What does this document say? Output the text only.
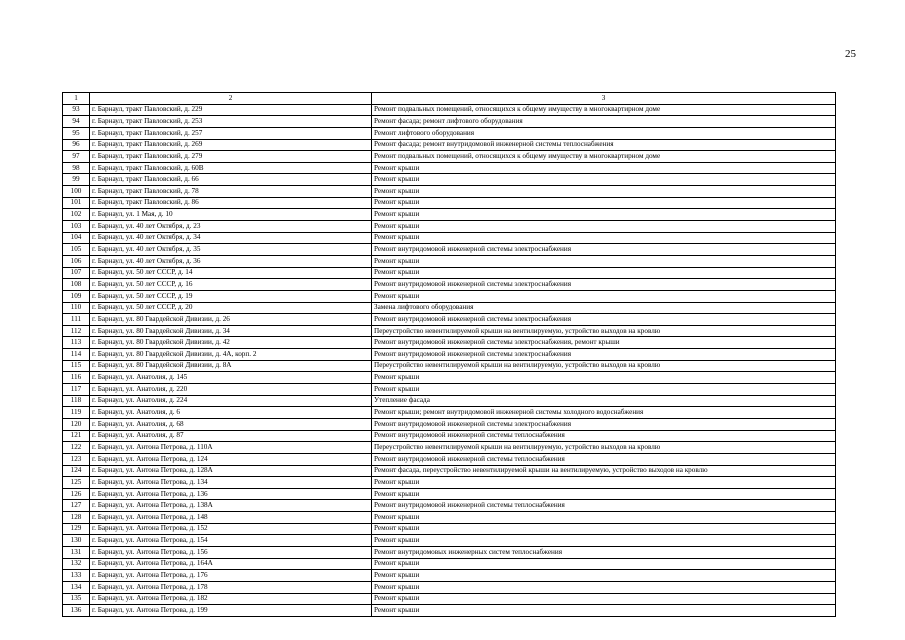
25
1	2	3
93	г. Барнаул, тракт Павловский, д. 229	Ремонт подвальных помещений, относящихся к общему имуществу в многоквартирном доме
94	г. Барнаул, тракт Павловский, д. 253	Ремонт фасада; ремонт лифтового оборудования
95	г. Барнаул, тракт Павловский, д. 257	Ремонт лифтового оборудования
96	г. Барнаул, тракт Павловский, д. 269	Ремонт фасада; ремонт внутридомовой инженерной системы теплоснабжения
97	г. Барнаул, тракт Павловский, д. 279	Ремонт подвальных помещений, относящихся к общему имуществу в многоквартирном доме
98	г. Барнаул, тракт Павловский, д. 60В	Ремонт крыши
99	г. Барнаул, тракт Павловский, д. 66	Ремонт крыши
100	г. Барнаул, тракт Павловский, д. 78	Ремонт крыши
101	г. Барнаул, тракт Павловский, д. 86	Ремонт крыши
102	г. Барнаул, ул. 1 Мая, д. 10	Ремонт крыши
103	г. Барнаул, ул. 40 лет Октября, д. 23	Ремонт крыши
104	г. Барнаул, ул. 40 лет Октября, д. 34	Ремонт крыши
105	г. Барнаул, ул. 40 лет Октября, д. 35	Ремонт внутридомовой инженерной системы электроснабжения
106	г. Барнаул, ул. 40 лет Октября, д. 36	Ремонт крыши
107	г. Барнаул, ул. 50 лет СССР, д. 14	Ремонт крыши
108	г. Барнаул, ул. 50 лет СССР, д. 16	Ремонт внутридомовой инженерной системы электроснабжения
109	г. Барнаул, ул. 50 лет СССР, д. 19	Ремонт крыши
110	г. Барнаул, ул. 50 лет СССР, д. 20	Замена лифтового оборудования
111	г. Барнаул, ул. 80 Гвардейской Дивизии, д. 26	Ремонт внутридомовой инженерной системы электроснабжения
112	г. Барнаул, ул. 80 Гвардейской Дивизии, д. 34	Переустройство невентилируемой крыши на вентилируемую, устройство выходов на кровлю
113	г. Барнаул, ул. 80 Гвардейской Дивизии, д. 42	Ремонт внутридомовой инженерной системы электроснабжения, ремонт крыши
114	г. Барнаул, ул. 80 Гвардейской Дивизии, д. 4А, корп. 2	Ремонт внутридомовой инженерной системы электроснабжения
115	г. Барнаул, ул. 80 Гвардейской Дивизии, д. 8А	Переустройство невентилируемой крыши на вентилируемую, устройство выходов на кровлю
116	г. Барнаул, ул. Анатолия, д. 145	Ремонт крыши
117	г. Барнаул, ул. Анатолия, д. 220	Ремонт крыши
118	г. Барнаул, ул. Анатолия, д. 224	Утепление фасада
119	г. Барнаул, ул. Анатолия, д. 6	Ремонт крыши; ремонт внутридомовой инженерной системы холодного водоснабжения
120	г. Барнаул, ул. Анатолия, д. 68	Ремонт внутридомовой инженерной системы электроснабжения
121	г. Барнаул, ул. Анатолия, д. 87	Ремонт внутридомовой инженерной системы теплоснабжения
122	г. Барнаул, ул. Антона Петрова, д. 110А	Переустройство невентилируемой крыши на вентилируемую, устройство выходов на кровлю
123	г. Барнаул, ул. Антона Петрова, д. 124	Ремонт внутридомовой инженерной системы теплоснабжения
124	г. Барнаул, ул. Антона Петрова, д. 128А	Ремонт фасада, переустройство невентилируемой крыши на вентилируемую, устройство выходов на кровлю
125	г. Барнаул, ул. Антона Петрова, д. 134	Ремонт крыши
126	г. Барнаул, ул. Антона Петрова, д. 136	Ремонт крыши
127	г. Барнаул, ул. Антона Петрова, д. 138А	Ремонт внутридомовой инженерной системы теплоснабжения
128	г. Барнаул, ул. Антона Петрова, д. 148	Ремонт крыши
129	г. Барнаул, ул. Антона Петрова, д. 152	Ремонт крыши
130	г. Барнаул, ул. Антона Петрова, д. 154	Ремонт крыши
131	г. Барнаул, ул. Антона Петрова, д. 156	Ремонт внутридомовых инженерных систем теплоснабжения
132	г. Барнаул, ул. Антона Петрова, д. 164А	Ремонт крыши
133	г. Барнаул, ул. Антона Петрова, д. 176	Ремонт крыши
134	г. Барнаул, ул. Антона Петрова, д. 178	Ремонт крыши
135	г. Барнаул, ул. Антона Петрова, д. 182	Ремонт крыши
136	г. Барнаул, ул. Антона Петрова, д. 199	Ремонт крыши
